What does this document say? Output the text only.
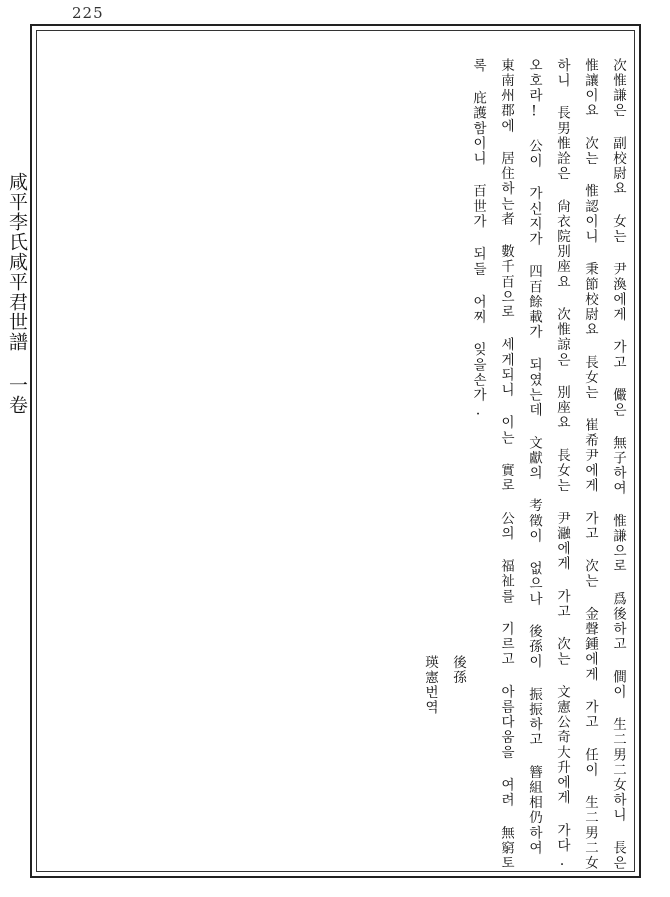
225
咸平李氏咸平君世譜 一卷	次惟謙은 副校尉요 女는 尹渙에게 가고 儼은 無子하여 惟謙으로 爲後하고 僴이 生二男二女하니 長은
惟讓이요 次는 惟認이니 秉節校尉요 長女는 崔希尹에게 가고 次는 金聲鍾에게 가고 任이 生二男二女
하니 長男惟詮은 尙衣院別座요 次惟諒은 別座요 長女는 尹瀜에게 가고 次는 文憲公奇大升에게 가다.
오호라! 公이 가신지가 四百餘載가 되였는데 文獻의 考徵이 없으나 後孫이 振振하고 簪組相仍하여
東南州郡에 居住하는者 數千百으로 세게되니 이는 實로 公의 福祉를 기르고 아름다움을 여려 無窮토
록 庇護함이니 百世가 되들 어찌 잊을손가.
後孫
瑛憲번역
